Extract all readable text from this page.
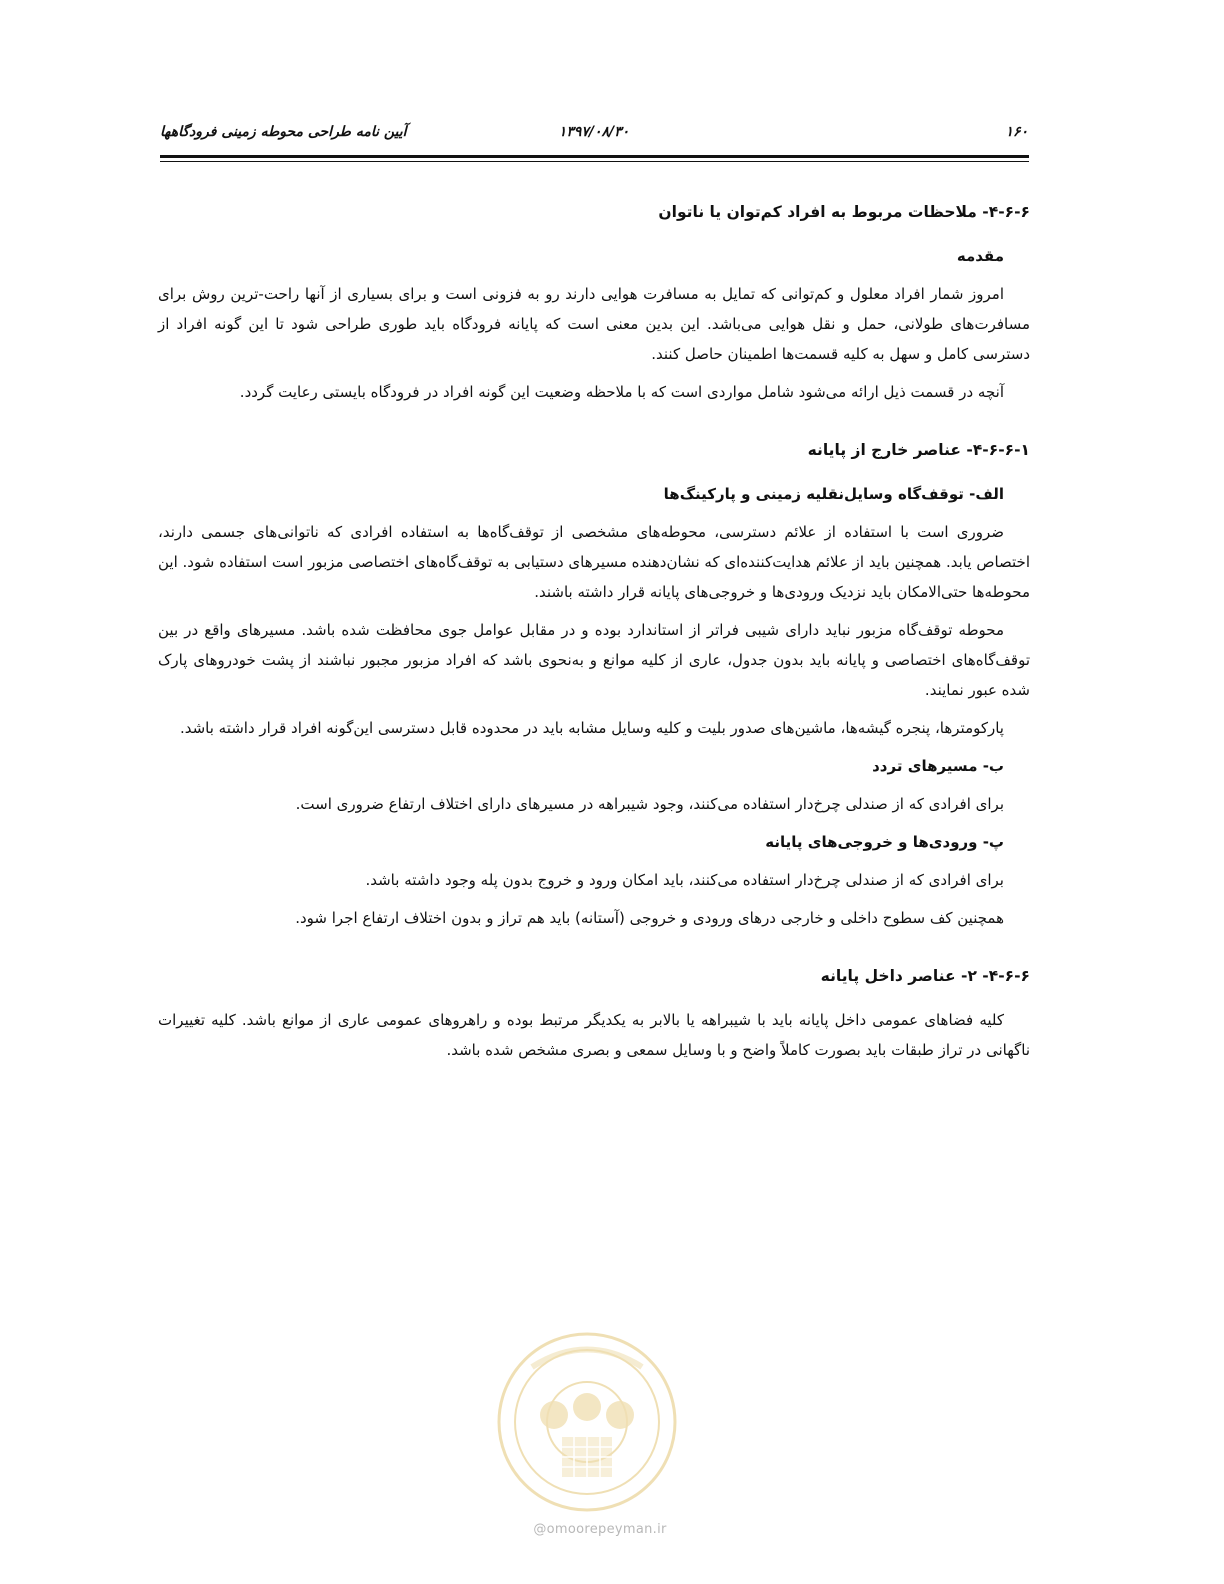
۱۶۰
۱۳۹۷/۰۸/۳۰
آیین نامه طراحی محوطه زمینی فرودگاهها

۴-۶-۶- ملاحظات مربوط به افراد کم‌توان یا ناتوان

مقدمه

امروز شمار افراد معلول و کم‌توانی که تمایل به مسافرت هوایی دارند رو به فزونی است و برای بسیاری از آنها راحت-ترین روش برای مسافرت‌های طولانی، حمل و نقل هوایی می‌باشد. این بدین معنی است که پایانه فرودگاه باید طوری طراحی شود تا این گونه افراد از دسترسی کامل و سهل به کلیه قسمت‌ها اطمینان حاصل کنند.

آنچه در قسمت ذیل ارائه می‌شود شامل مواردی است که با ملاحظه وضعیت این گونه افراد در فرودگاه بایستی رعایت گردد.

۴-۶-۶-۱- عناصر خارج از پایانه

الف- توقف‌گاه وسایل‌نقلیه زمینی و پارکینگ‌ها

ضروری است با استفاده از علائم دسترسی، محوطه‌های مشخصی از توقف‌گاه‌ها به استفاده افرادی که ناتوانی‌های جسمی دارند، اختصاص یابد. همچنین باید از علائم هدایت‌کننده‌ای که نشان‌دهنده مسیرهای دستیابی به توقف‌گاه‌های اختصاصی مزبور است استفاده شود. این محوطه‌ها حتی‌الامکان باید نزدیک ورودی‌ها و خروجی‌های پایانه قرار داشته باشند.

محوطه توقف‌گاه مزبور نباید دارای شیبی فراتر از استاندارد بوده و در مقابل عوامل جوی محافظت شده باشد. مسیرهای واقع در بین توقف‌گاه‌های اختصاصی و پایانه باید بدون جدول، عاری از کلیه موانع و به‌نحوی باشد که افراد مزبور مجبور نباشند از پشت خودروهای پارک شده عبور نمایند.

پارکومترها، پنجره گیشه‌ها، ماشین‌های صدور بلیت و کلیه وسایل مشابه باید در محدوده قابل دسترسی این‌گونه افراد قرار داشته باشد.

ب- مسیرهای تردد

برای افرادی که از صندلی چرخ‌دار استفاده می‌کنند، وجود شیبراهه در مسیرهای دارای اختلاف ارتفاع ضروری است.

پ- ورودی‌ها و خروجی‌های پایانه

برای افرادی که از صندلی چرخ‌دار استفاده می‌کنند، باید امکان ورود و خروج بدون پله وجود داشته باشد.

همچنین کف سطوح داخلی و خارجی درهای ورودی و خروجی (آستانه) باید هم تراز و بدون اختلاف ارتفاع اجرا شود.

۴-۶-۶- ۲- عناصر داخل پایانه

کلیه فضاهای عمومی داخل پایانه باید با شیبراهه یا بالابر به یکدیگر مرتبط بوده و راهروهای عمومی عاری از موانع باشد. کلیه تغییرات ناگهانی در تراز طبقات باید بصورت کاملاً واضح و با وسایل سمعی و بصری مشخص شده باشد.

@omoorepeyman.ir
